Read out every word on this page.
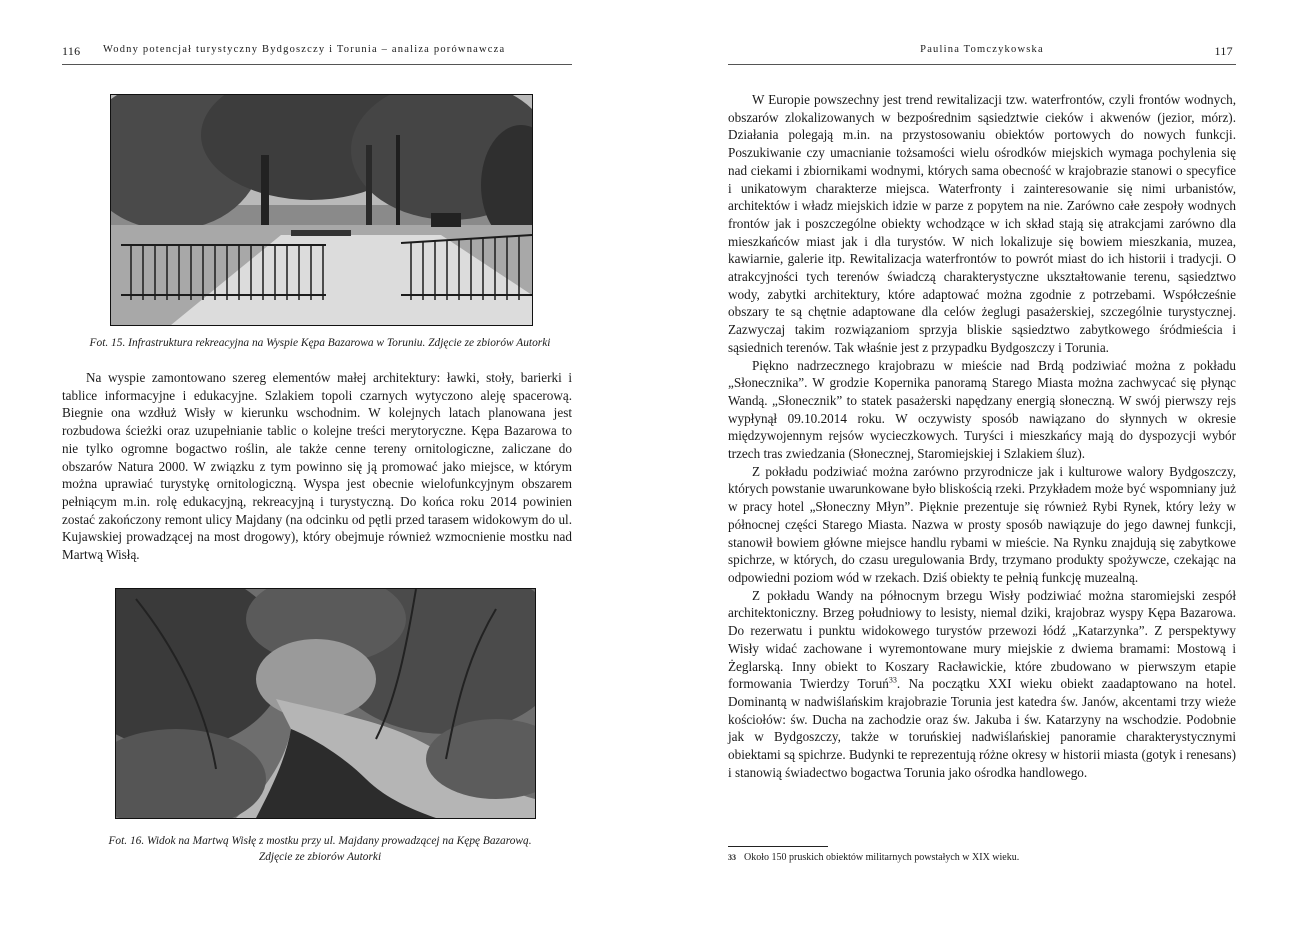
116 Wodny potencjał turystyczny Bydgoszczy i Torunia – analiza porównawcza
Fot. 15. Infrastruktura rekreacyjna na Wyspie Kępa Bazarowa w Toruniu. Zdjęcie ze zbiorów Autorki

Na wyspie zamontowano szereg elementów małej architektury: ławki, stoły, barierki i tablice informacyjne i edukacyjne. Szlakiem topoli czarnych wytyczono aleję spacerową. Biegnie ona wzdłuż Wisły w kierunku wschodnim. W kolejnych latach planowana jest rozbudowa ścieżki oraz uzupełnianie tablic o kolejne treści merytoryczne. Kępa Bazarowa to nie tylko ogromne bogactwo roślin, ale także cenne tereny ornitologiczne, zaliczane do obszarów Natura 2000. W związku z tym powinno się ją promować jako miejsce, w którym można uprawiać turystykę ornitologiczną. Wyspa jest obecnie wielofunkcyjnym obszarem pełniącym m.in. rolę edukacyjną, rekreacyjną i turystyczną. Do końca roku 2014 powinien zostać zakończony remont ulicy Majdany (na odcinku od pętli przed tarasem widokowym do ul. Kujawskiej prowadzącej na most drogowy), który obejmuje również wzmocnienie mostku nad Martwą Wisłą.

Fot. 16. Widok na Martwą Wisłę z mostku przy ul. Majdany prowadzącej na Kępę Bazarową.
Zdjęcie ze zbiorów Autorki
Paulina Tomczykowska	117

W Europie powszechny jest trend rewitalizacji tzw. waterfrontów, czyli frontów wodnych, obszarów zlokalizowanych w bezpośrednim sąsiedztwie cieków i akwenów (jezior, mórz). Działania polegają m.in. na przystosowaniu obiektów portowych do nowych funkcji. Poszukiwanie czy umacnianie tożsamości wielu ośrodków miejskich wymaga pochylenia się nad ciekami i zbiornikami wodnymi, których sama obecność w krajobrazie stanowi o specyfice i unikatowym charakterze miejsca. Waterfronty i zainteresowanie się nimi urbanistów, architektów i władz miejskich idzie w parze z popytem na nie. Zarówno całe zespoły wodnych frontów jak i poszczególne obiekty wchodzące w ich skład stają się atrakcjami zarówno dla mieszkańców miast jak i dla turystów. W nich lokalizuje się bowiem mieszkania, muzea, kawiarnie, galerie itp. Rewitalizacja waterfrontów to powrót miast do ich historii i tradycji. O atrakcyjności tych terenów świadczą charakterystyczne ukształtowanie terenu, sąsiedztwo wody, zabytki architektury, które adaptować można zgodnie z potrzebami. Współcześnie obszary te są chętnie adaptowane dla celów żeglugi pasażerskiej, szczególnie turystycznej. Zazwyczaj takim rozwiązaniom sprzyja bliskie sąsiedztwo zabytkowego śródmieścia i sąsiednich terenów. Tak właśnie jest z przypadku Bydgoszczy i Torunia.

Piękno nadrzecznego krajobrazu w mieście nad Brdą podziwiać można z pokładu „Słonecznika”. W grodzie Kopernika panoramą Starego Miasta można zachwycać się płynąc Wandą. „Słonecznik” to statek pasażerski napędzany energią słoneczną. W swój pierwszy rejs wypłynął 09.10.2014 roku. W oczywisty sposób nawiązano do słynnych w okresie międzywojennym rejsów wycieczkowych. Turyści i mieszkańcy mają do dyspozycji wybór trzech tras zwiedzania (Słonecznej, Staromiejskiej i Szlakiem śluz).

Z pokładu podziwiać można zarówno przyrodnicze jak i kulturowe walory Bydgoszczy, których powstanie uwarunkowane było bliskością rzeki. Przykładem może być wspomniany już w pracy hotel „Słoneczny Młyn”. Pięknie prezentuje się również Rybi Rynek, który leży w północnej części Starego Miasta. Nazwa w prosty sposób nawiązuje do jego dawnej funkcji, stanowił bowiem główne miejsce handlu rybami w mieście. Na Rynku znajdują się zabytkowe spichrze, w których, do czasu uregulowania Brdy, trzymano produkty spożywcze, czekając na odpowiedni poziom wód w rzekach. Dziś obiekty te pełnią funkcję muzealną.

Z pokładu Wandy na północnym brzegu Wisły podziwiać można staromiejski zespół architektoniczny. Brzeg południowy to lesisty, niemal dziki, krajobraz wyspy Kępa Bazarowa. Do rezerwatu i punktu widokowego turystów przewozi łódź „Katarzynka”. Z perspektywy Wisły widać zachowane i wyremontowane mury miejskie z dwiema bramami: Mostową i Żeglarską. Inny obiekt to Koszary Racławickie, które zbudowano w pierwszym etapie formowania Twierdzy Toruń$^{33}$. Na początku XXI wieku obiekt zaadaptowano na hotel. Dominantą w nadwiślańskim krajobrazie Torunia jest katedra św. Janów, akcentami trzy wieże kościołów: św. Ducha na zachodzie oraz św. Jakuba i św. Katarzyny na wschodzie. Podobnie jak w Bydgoszczy, także w toruńskiej nadwiślańskiej panoramie charakterystycznymi obiektami są spichrze. Budynki te reprezentują różne okresy w historii miasta (gotyk i renesans) i stanowią świadectwo bogactwa Torunia jako ośrodka handlowego.

33 Około 150 pruskich obiektów militarnych powstałych w XIX wieku.
